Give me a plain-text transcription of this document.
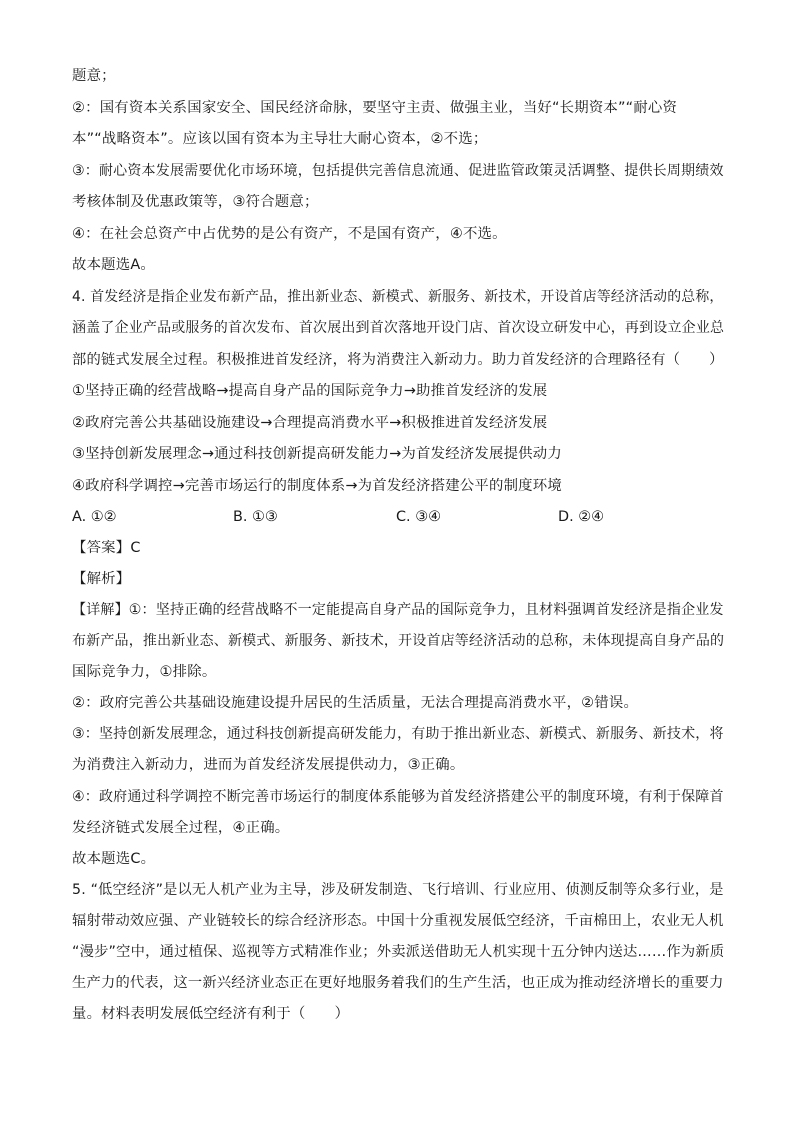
题意；
②：国有资本关系国家安全、国民经济命脉，要坚守主责、做强主业，当好“长期资本”“耐心资
本”“战略资本”。应该以国有资本为主导壮大耐心资本，②不选；
③：耐心资本发展需要优化市场环境，包括提供完善信息流通、促进监管政策灵活调整、提供长周期绩效
考核体制及优惠政策等，③符合题意；
④：在社会总资产中占优势的是公有资产，不是国有资产，④不选。
故本题选A。
4. 首发经济是指企业发布新产品，推出新业态、新模式、新服务、新技术，开设首店等经济活动的总称，
涵盖了企业产品或服务的首次发布、首次展出到首次落地开设门店、首次设立研发中心，再到设立企业总
部的链式发展全过程。积极推进首发经济，将为消费注入新动力。助力首发经济的合理路径有（　　）
①坚持正确的经营战略→提高自身产品的国际竞争力→助推首发经济的发展
②政府完善公共基础设施建设→合理提高消费水平→积极推进首发经济发展
③坚持创新发展理念→通过科技创新提高研发能力→为首发经济发展提供动力
④政府科学调控→完善市场运行的制度体系→为首发经济搭建公平的制度环境
A. ①②	B. ①③	C. ③④	D. ②④
【答案】C
【解析】
【详解】①：坚持正确的经营战略不一定能提高自身产品的国际竞争力，且材料强调首发经济是指企业发
布新产品，推出新业态、新模式、新服务、新技术，开设首店等经济活动的总称，未体现提高自身产品的
国际竞争力，①排除。
②：政府完善公共基础设施建设提升居民的生活质量，无法合理提高消费水平，②错误。
③：坚持创新发展理念，通过科技创新提高研发能力，有助于推出新业态、新模式、新服务、新技术，将
为消费注入新动力，进而为首发经济发展提供动力，③正确。
④：政府通过科学调控不断完善市场运行的制度体系能够为首发经济搭建公平的制度环境，有利于保障首
发经济链式发展全过程，④正确。
故本题选C。
5. “低空经济”是以无人机产业为主导，涉及研发制造、飞行培训、行业应用、侦测反制等众多行业，是
辐射带动效应强、产业链较长的综合经济形态。中国十分重视发展低空经济，千亩棉田上，农业无人机
“漫步”空中，通过植保、巡视等方式精准作业；外卖派送借助无人机实现十五分钟内送达……作为新质
生产力的代表，这一新兴经济业态正在更好地服务着我们的生产生活，也正成为推动经济增长的重要力
量。材料表明发展低空经济有利于（　　）
